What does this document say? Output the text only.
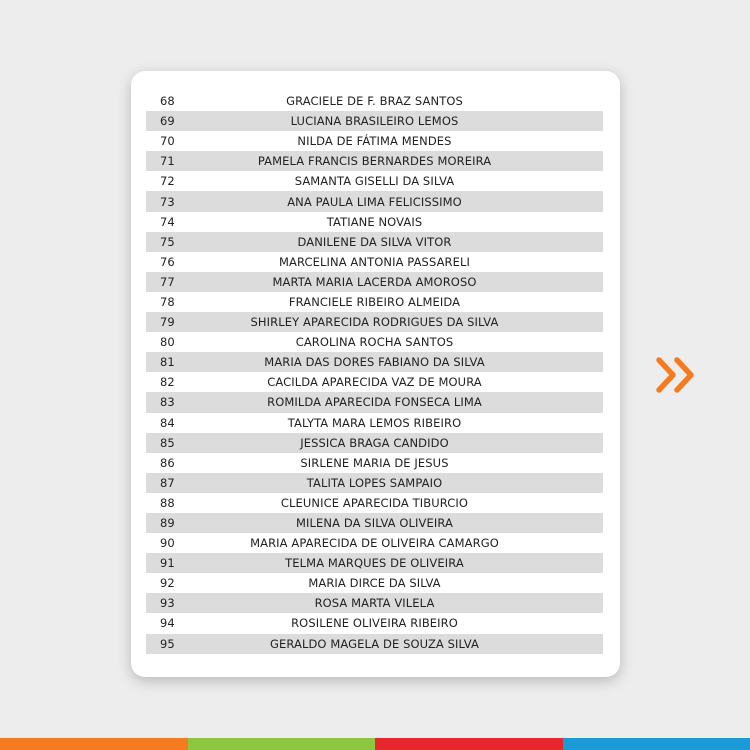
68	GRACIELE DE F. BRAZ SANTOS
69	LUCIANA BRASILEIRO LEMOS
70	NILDA DE FÁTIMA MENDES
71	PAMELA FRANCIS BERNARDES MOREIRA
72	SAMANTA GISELLI DA SILVA
73	ANA PAULA LIMA FELICISSIMO
74	TATIANE NOVAIS
75	DANILENE DA SILVA VITOR
76	MARCELINA ANTONIA PASSARELI
77	MARTA MARIA LACERDA AMOROSO
78	FRANCIELE RIBEIRO ALMEIDA
79	SHIRLEY APARECIDA RODRIGUES DA SILVA
80	CAROLINA ROCHA SANTOS
81	MARIA DAS DORES FABIANO DA SILVA
82	CACILDA APARECIDA VAZ DE MOURA
83	ROMILDA APARECIDA FONSECA LIMA
84	TALYTA MARA LEMOS RIBEIRO
85	JESSICA BRAGA CANDIDO
86	SIRLENE MARIA DE JESUS
87	TALITA LOPES SAMPAIO
88	CLEUNICE APARECIDA TIBURCIO
89	MILENA DA SILVA OLIVEIRA
90	MARIA APARECIDA DE OLIVEIRA CAMARGO
91	TELMA MARQUES DE OLIVEIRA
92	MARIA DIRCE DA SILVA
93	ROSA MARTA VILELA
94	ROSILENE OLIVEIRA RIBEIRO
95	GERALDO MAGELA DE SOUZA SILVA
